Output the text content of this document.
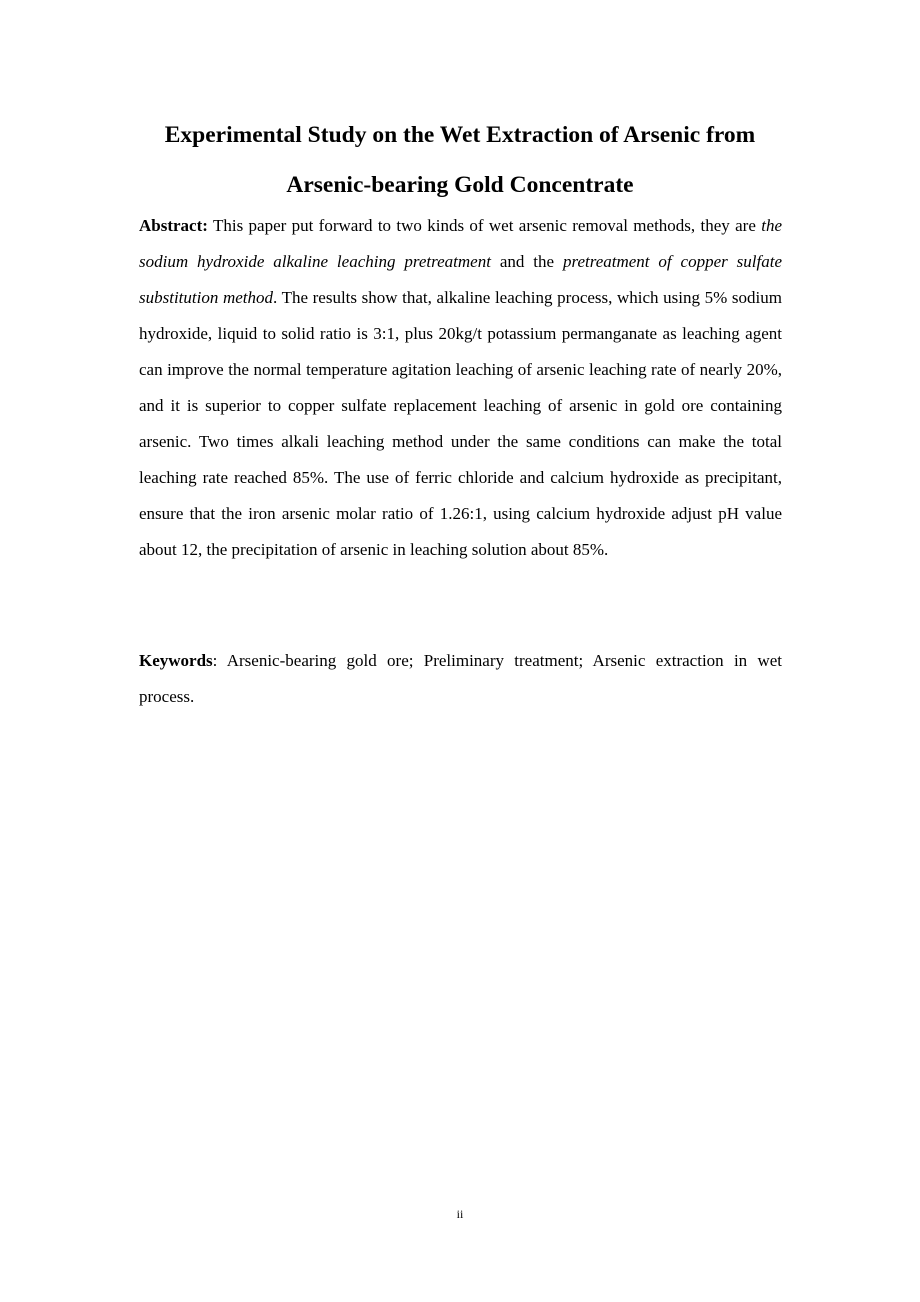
Experimental Study on the Wet Extraction of Arsenic from
Arsenic-bearing Gold Concentrate
Abstract: This paper put forward to two kinds of wet arsenic removal methods, they are the sodium hydroxide alkaline leaching pretreatment and the pretreatment of copper sulfate substitution method. The results show that, alkaline leaching process, which using 5% sodium hydroxide, liquid to solid ratio is 3:1, plus 20kg/t potassium permanganate as leaching agent can improve the normal temperature agitation leaching of arsenic leaching rate of nearly 20%, and it is superior to copper sulfate replacement leaching of arsenic in gold ore containing arsenic. Two times alkali leaching method under the same conditions can make the total leaching rate reached 85%. The use of ferric chloride and calcium hydroxide as precipitant, ensure that the iron arsenic molar ratio of 1.26:1, using calcium hydroxide adjust pH value about 12, the precipitation of arsenic in leaching solution about 85%.
Keywords: Arsenic-bearing gold ore; Preliminary treatment; Arsenic extraction in wet process.
ii
